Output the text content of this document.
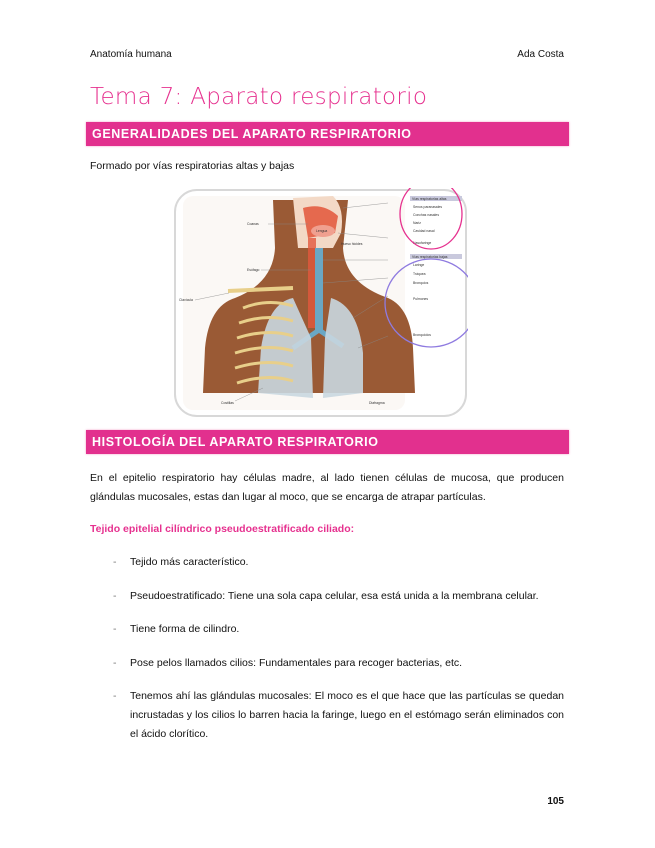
Anatomía humana	Ada Costa
Tema 7: Aparato respiratorio
GENERALIDADES DEL APARATO RESPIRATORIO
Formado por vías respiratorias altas y bajas
Coanas
Esófago
Clavícula
Costillas
Lengua
Hueso hioides
Diafragma
Vías respiratorias altas
Senos paranasales
Conchas nasales
Nariz
Cavidad nasal
Nasofaringe
Vías respiratorias bajas
Laringe
Tráquea
Bronquios
Pulmones
Bronquiolos
HISTOLOGÍA DEL APARATO RESPIRATORIO
En el epitelio respiratorio hay células madre, al lado tienen células de mucosa, que producen glándulas mucosales, estas dan lugar al moco, que se encarga de atrapar partículas.
Tejido epitelial cilíndrico pseudoestratificado ciliado:
- Tejido más característico.
- Pseudoestratificado: Tiene una sola capa celular, esa está unida a la membrana celular.
- Tiene forma de cilindro.
- Pose pelos llamados cilios: Fundamentales para recoger bacterias, etc.
- Tenemos ahí las glándulas mucosales: El moco es el que hace que las partículas se quedan incrustadas y los cilios lo barren hacia la faringe, luego en el estómago serán eliminados con el ácido clorítico.
105
